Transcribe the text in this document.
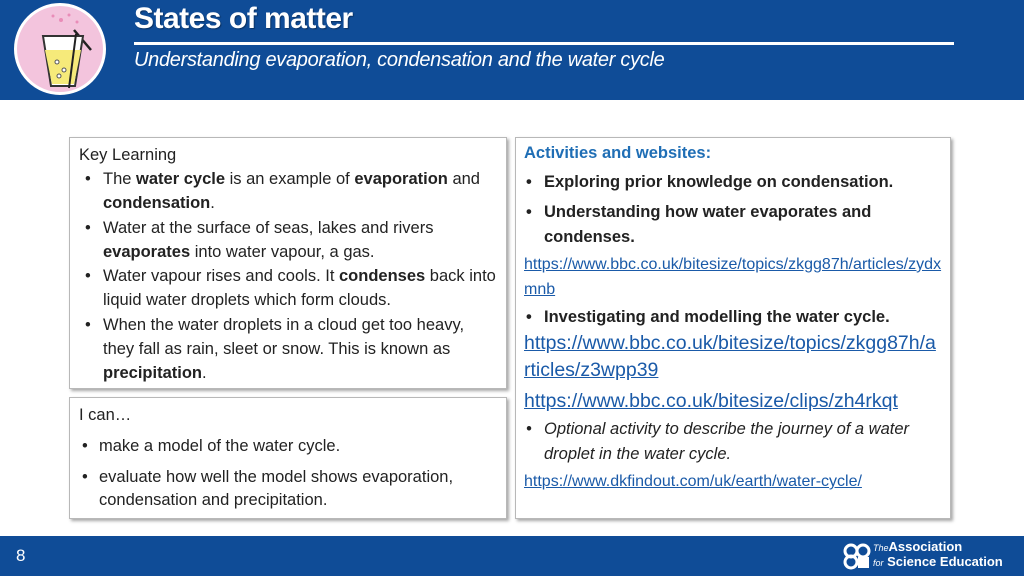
States of matter
Understanding evaporation, condensation and the water cycle

Key Learning

• The water cycle is an example of evaporation and condensation.
• Water at the surface of seas, lakes and rivers evaporates into water vapour, a gas.
• Water vapour rises and cools. It condenses back into liquid water droplets which form clouds.
• When the water droplets in a cloud get too heavy, they fall as rain, sleet or snow. This is known as precipitation.

I can…

• make a model of the water cycle.
• evaluate how well the model shows evaporation, condensation and precipitation.

Activities and websites:

• Exploring prior knowledge on condensation.
• Understanding how water evaporates and condenses.
https://www.bbc.co.uk/bitesize/topics/zkgg87h/articles/zydxmnb
• Investigating and modelling the water cycle.
https://www.bbc.co.uk/bitesize/topics/zkgg87h/articles/z3wpp39
https://www.bbc.co.uk/bitesize/clips/zh4rkqt
• Optional activity to describe the journey of a water droplet in the water cycle.
https://www.dkfindout.com/uk/earth/water-cycle/
8	TheAssociation
for Science Education
